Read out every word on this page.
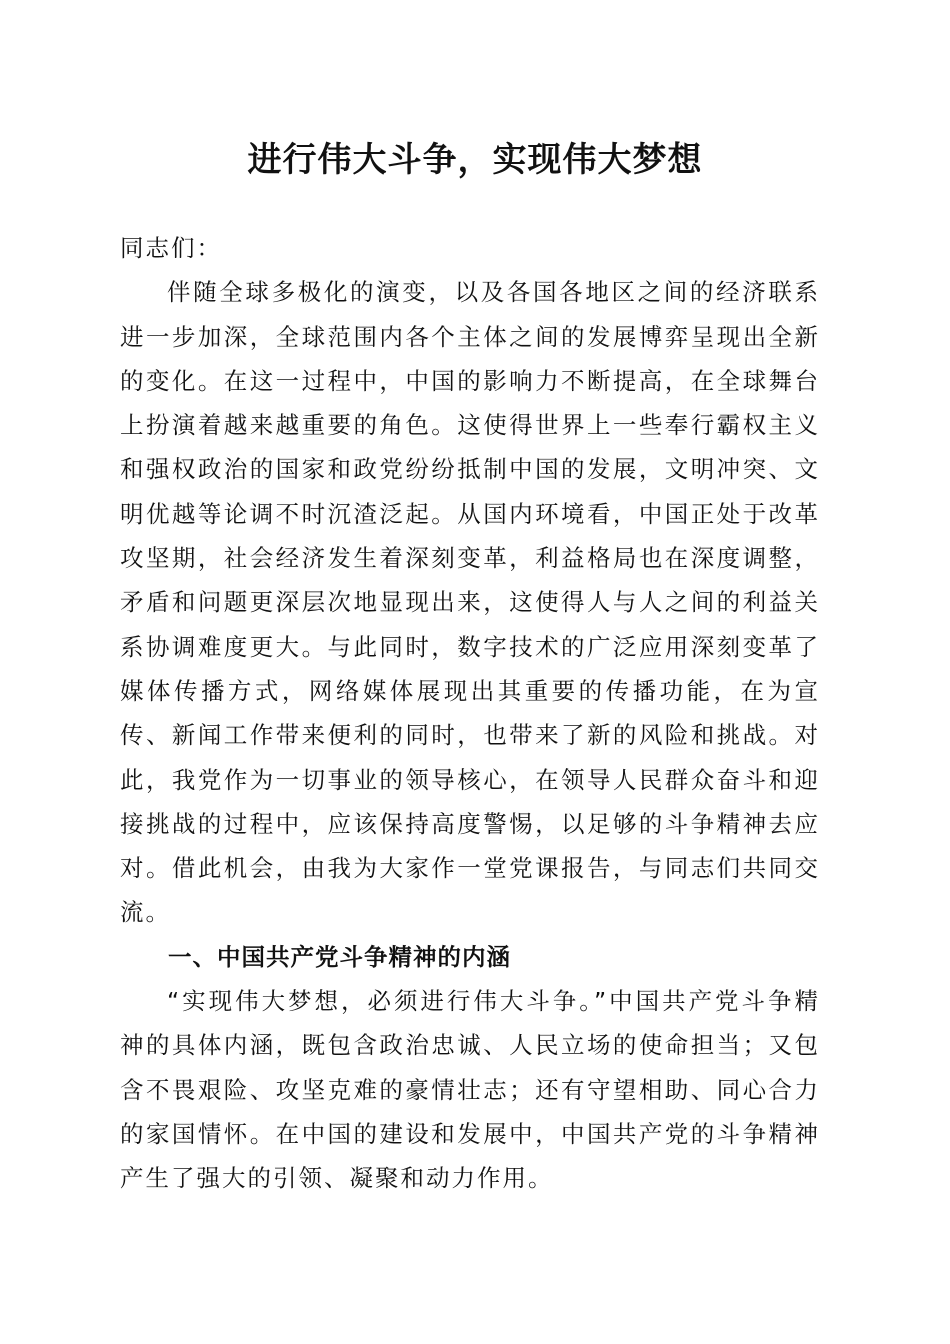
进行伟大斗争，实现伟大梦想

同志们：

伴随全球多极化的演变，以及各国各地区之间的经济联系进一步加深，全球范围内各个主体之间的发展博弈呈现出全新的变化。在这一过程中，中国的影响力不断提高，在全球舞台上扮演着越来越重要的角色。这使得世界上一些奉行霸权主义和强权政治的国家和政党纷纷抵制中国的发展，文明冲突、文明优越等论调不时沉渣泛起。从国内环境看，中国正处于改革攻坚期，社会经济发生着深刻变革，利益格局也在深度调整，矛盾和问题更深层次地显现出来，这使得人与人之间的利益关系协调难度更大。与此同时，数字技术的广泛应用深刻变革了媒体传播方式，网络媒体展现出其重要的传播功能，在为宣传、新闻工作带来便利的同时，也带来了新的风险和挑战。对此，我党作为一切事业的领导核心，在领导人民群众奋斗和迎接挑战的过程中，应该保持高度警惕，以足够的斗争精神去应对。借此机会，由我为大家作一堂党课报告，与同志们共同交流。

一、中国共产党斗争精神的内涵

“实现伟大梦想，必须进行伟大斗争。”中国共产党斗争精神的具体内涵，既包含政治忠诚、人民立场的使命担当；又包含不畏艰险、攻坚克难的豪情壮志；还有守望相助、同心合力的家国情怀。在中国的建设和发展中，中国共产党的斗争精神产生了强大的引领、凝聚和动力作用。
